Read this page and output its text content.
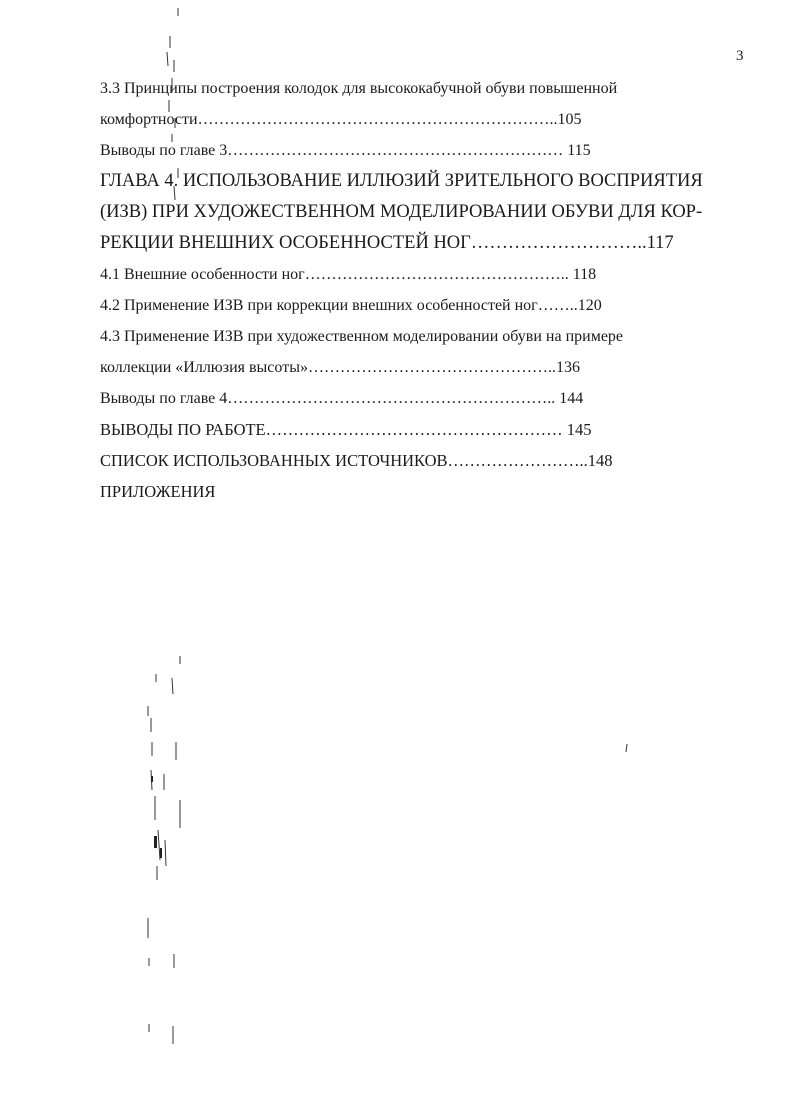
3
3.3 Принципы построения колодок для высококабучной обуви повышенной
комфортности…………………………………………………………..105
Выводы по главе 3……………………………………………………… 115
ГЛАВА 4. ИСПОЛЬЗОВАНИЕ ИЛЛЮЗИЙ ЗРИТЕЛЬНОГО ВОСПРИЯТИЯ
(ИЗВ) ПРИ ХУДОЖЕСТВЕННОМ МОДЕЛИРОВАНИИ ОБУВИ ДЛЯ КОР-
РЕКЦИИ ВНЕШНИХ ОСОБЕННОСТЕЙ НОГ………………………..117
4.1 Внешние особенности ног………………………………………….. 118
4.2 Применение ИЗВ при коррекции внешних особенностей ног……..120
4.3 Применение ИЗВ при художественном моделировании обуви на примере
коллекции «Иллюзия высоты»………………………………………..136
Выводы по главе 4…………………………………………………….. 144
ВЫВОДЫ ПО РАБОТЕ……………………………………………… 145
СПИСОК ИСПОЛЬЗОВАННЫХ ИСТОЧНИКОВ……………………..148
ПРИЛОЖЕНИЯ
